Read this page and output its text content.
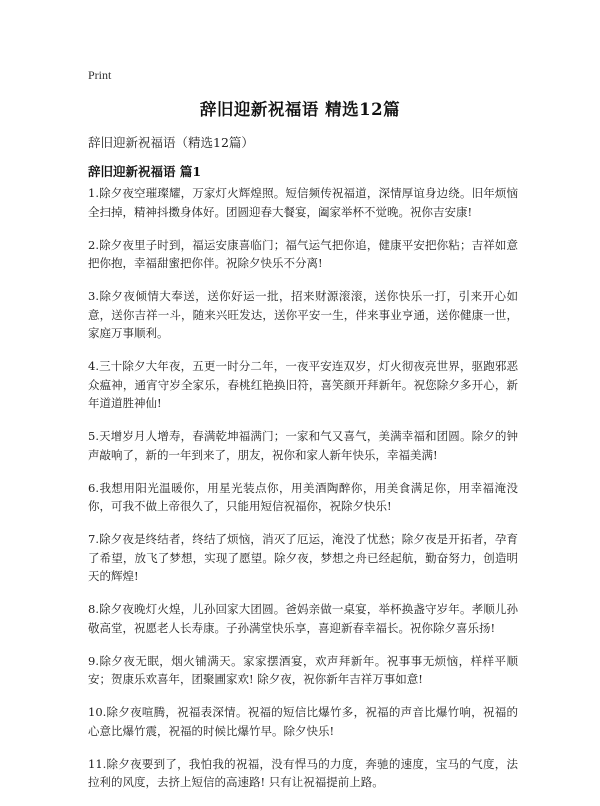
Print
辞旧迎新祝福语 精选12篇
辞旧迎新祝福语（精选12篇）
辞旧迎新祝福语 篇1

1.除夕夜空璀璨耀，万家灯火辉煌照。短信频传祝福道，深情厚谊身边绕。旧年烦恼全扫掉，精神抖擞身体好。团圆迎春大餐宴，阖家举杯不觉晚。祝你吉安康!

2.除夕夜里子时到，福运安康喜临门；福气运气把你追，健康平安把你粘；吉祥如意把你抱，幸福甜蜜把你伴。祝除夕快乐不分离!

3.除夕夜倾情大奉送，送你好运一批，招来财源滚滚，送你快乐一打，引来开心如意，送你吉祥一斗，随来兴旺发达，送你平安一生，伴来事业亨通，送你健康一世，家庭万事顺利。

4.三十除夕大年夜，五更一时分二年，一夜平安连双岁，灯火彻夜亮世界，驱跑邪恶众瘟神，通宵守岁全家乐，春桃红艳换旧符，喜笑颜开拜新年。祝您除夕多开心，新年道道胜神仙!

5.天增岁月人增寿，春满乾坤福满门；一家和气又喜气，美满幸福和团圆。除夕的钟声敲响了，新的一年到来了，朋友，祝你和家人新年快乐，幸福美满!

6.我想用阳光温暖你，用星光装点你，用美酒陶醉你，用美食满足你，用幸福淹没你，可我不做上帝很久了，只能用短信祝福你，祝除夕快乐!

7.除夕夜是终结者，终结了烦恼，消灭了厄运，淹没了忧愁；除夕夜是开拓者，孕育了希望，放飞了梦想，实现了愿望。除夕夜，梦想之舟已经起航，勤奋努力，创造明天的辉煌!

8.除夕夜晚灯火煌，儿孙回家大团圆。爸妈亲做一桌宴，举杯换盏守岁年。孝顺儿孙敬高堂，祝愿老人长寿康。子孙满堂快乐享，喜迎新春幸福长。祝你除夕喜乐扬!

9.除夕夜无眠，烟火铺满天。家家摆酒宴，欢声拜新年。祝事事无烦恼，样样平顺安；贺康乐欢喜年，团聚圃家欢! 除夕夜，祝你新年吉祥万事如意!

10.除夕夜喧腾，祝福表深情。祝福的短信比爆竹多，祝福的声音比爆竹响，祝福的心意比爆竹震，祝福的时候比爆竹早。除夕快乐!

11.除夕夜要到了，我怕我的祝福，没有悍马的力度，奔驰的速度，宝马的气度，法拉利的风度，去挤上短信的高速路! 只有让祝福提前上路。
